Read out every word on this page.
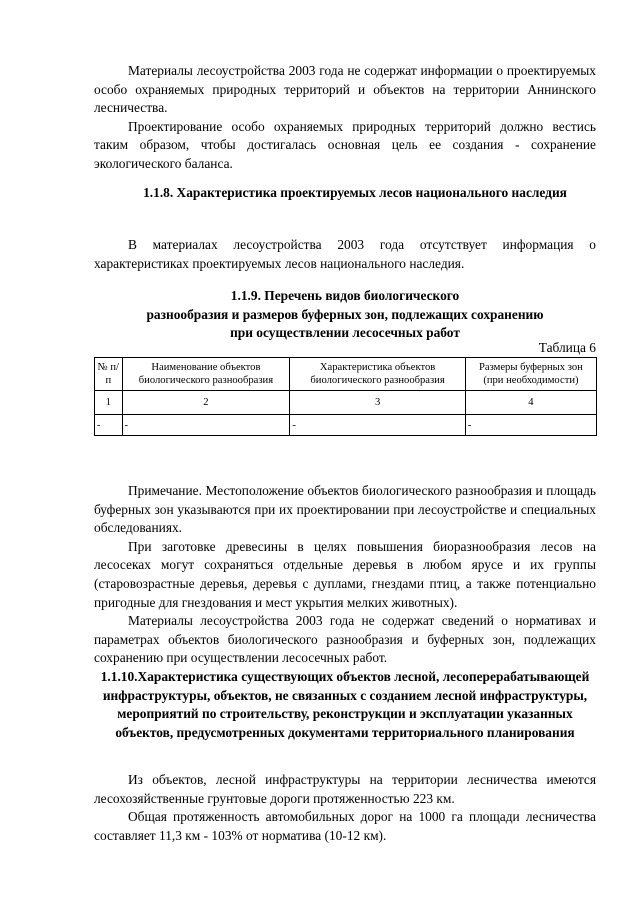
Материалы лесоустройства 2003 года не содержат информации о проектируемых особо охраняемых природных территорий и объектов на территории Аннинского лесничества.

Проектирование особо охраняемых природных территорий должно вестись таким образом, чтобы достигалась основная цель ее создания - сохранение экологического баланса.

1.1.8. Характеристика проектируемых лесов национального наследия

В материалах лесоустройства 2003 года отсутствует информация о характеристиках проектируемых лесов национального наследия.

1.1.9. Перечень видов биологического
разнообразия и размеров буферных зон, подлежащих сохранению
при осуществлении лесосечных работ
Таблица 6
№ п/п	Наименование объектов биологического разнообразия	Характеристика объектов биологического разнообразия	Размеры буферных зон (при необходимости)
1	2	3	4
-	-	-	-

Примечание. Местоположение объектов биологического разнообразия и площадь буферных зон указываются при их проектировании при лесоустройстве и специальных обследованиях.

При заготовке древесины в целях повышения биоразнообразия лесов на лесосеках могут сохраняться отдельные деревья в любом ярусе и их группы (старовозрастные деревья, деревья с дуплами, гнездами птиц, а также потенциально пригодные для гнездования и мест укрытия мелких животных).

Материалы лесоустройства 2003 года не содержат сведений о нормативах и параметрах объектов биологического разнообразия и буферных зон, подлежащих сохранению при осуществлении лесосечных работ.

1.1.10.Характеристика существующих объектов лесной, лесоперерабатывающей инфраструктуры, объектов, не связанных с созданием лесной инфраструктуры, мероприятий по строительству, реконструкции и эксплуатации указанных объектов, предусмотренных документами территориального планирования

Из объектов, лесной инфраструктуры на территории лесничества имеются лесохозяйственные грунтовые дороги протяженностью 223 км.

Общая протяженность автомобильных дорог на 1000 га площади лесничества составляет 11,3 км - 103% от норматива (10-12 км).
